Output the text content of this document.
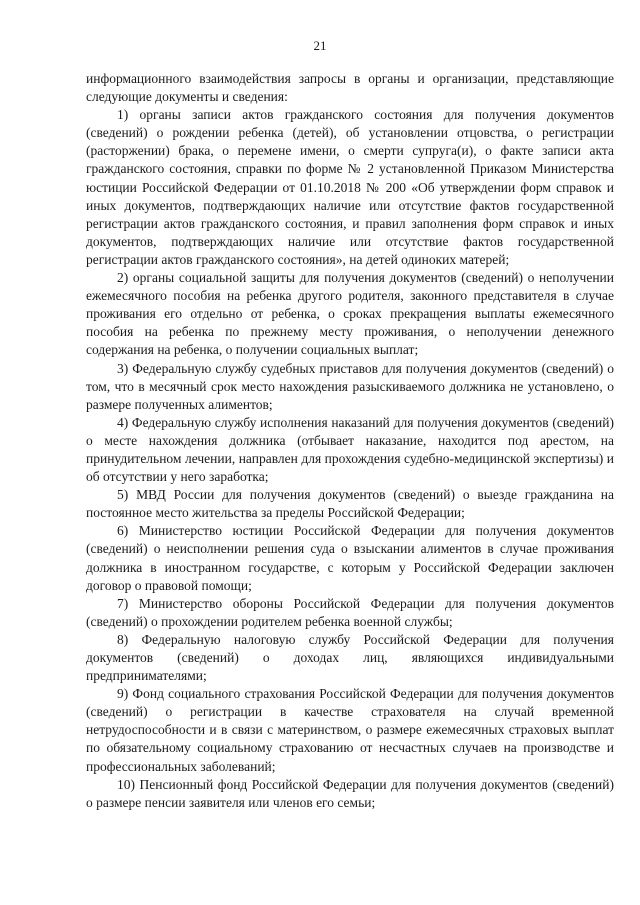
21

информационного взаимодействия запросы в органы и организации, представляющие следующие документы и сведения:

1) органы записи актов гражданского состояния для получения документов (сведений) о рождении ребенка (детей), об установлении отцовства, о регистрации (расторжении) брака, о перемене имени, о смерти супруга(и), о факте записи акта гражданского состояния, справки по форме № 2 установленной Приказом Министерства юстиции Российской Федерации от 01.10.2018 № 200 «Об утверждении форм справок и иных документов, подтверждающих наличие или отсутствие фактов государственной регистрации актов гражданского состояния, и правил заполнения форм справок и иных документов, подтверждающих наличие или отсутствие фактов государственной регистрации актов гражданского состояния», на детей одиноких матерей;

2) органы социальной защиты для получения документов (сведений) о неполучении ежемесячного пособия на ребенка другого родителя, законного представителя в случае проживания его отдельно от ребенка, о сроках прекращения выплаты ежемесячного пособия на ребенка по прежнему месту проживания, о неполучении денежного содержания на ребенка, о получении социальных выплат;

3) Федеральную службу судебных приставов для получения документов (сведений) о том, что в месячный срок место нахождения разыскиваемого должника не установлено, о размере полученных алиментов;

4) Федеральную службу исполнения наказаний для получения документов (сведений) о месте нахождения должника (отбывает наказание, находится под арестом, на принудительном лечении, направлен для прохождения судебно-медицинской экспертизы) и об отсутствии у него заработка;

5) МВД России для получения документов (сведений) о выезде гражданина на постоянное место жительства за пределы Российской Федерации;

6) Министерство юстиции Российской Федерации для получения документов (сведений) о неисполнении решения суда о взыскании алиментов в случае проживания должника в иностранном государстве, с которым у Российской Федерации заключен договор о правовой помощи;

7) Министерство обороны Российской Федерации для получения документов (сведений) о прохождении родителем ребенка военной службы;

8) Федеральную налоговую службу Российской Федерации для получения документов (сведений) о доходах лиц, являющихся индивидуальными предпринимателями;

9) Фонд социального страхования Российской Федерации для получения документов (сведений) о регистрации в качестве страхователя на случай временной нетрудоспособности и в связи с материнством, о размере ежемесячных страховых выплат по обязательному социальному страхованию от несчастных случаев на производстве и профессиональных заболеваний;

10) Пенсионный фонд Российской Федерации для получения документов (сведений) о размере пенсии заявителя или членов его семьи;
